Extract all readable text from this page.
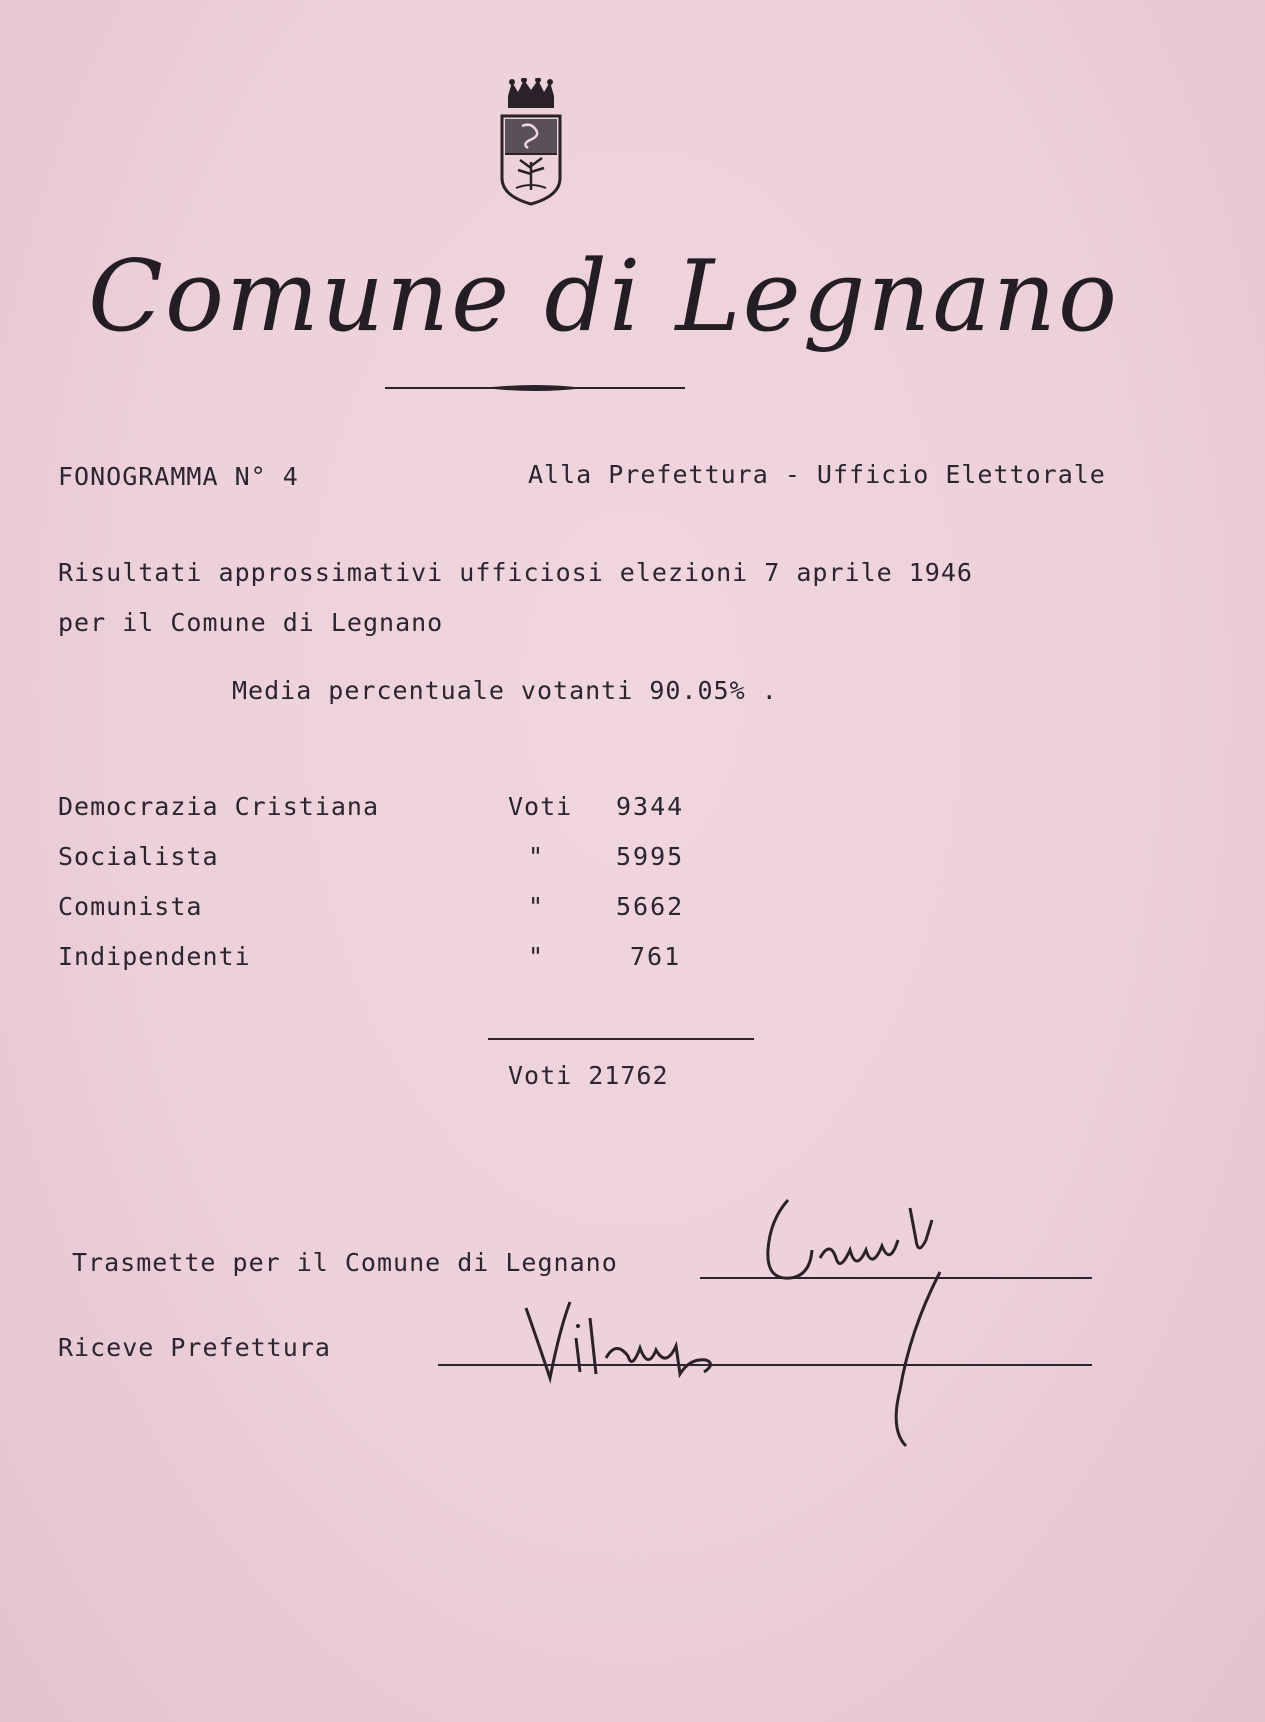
Comune di Legnano
FONOGRAMMA N° 4	Alla Prefettura - Ufficio Elettorale
Risultati approssimativi ufficiosi elezioni 7 aprile 1946
per il Comune di Legnano
Media percentuale votanti 90.05% .
Democrazia Cristiana	Voti 9344
Socialista	"	5995
Comunista	"	5662
Indipendenti	"	761
Voti 21762
Trasmette per il Comune di Legnano
Riceve Prefettura
